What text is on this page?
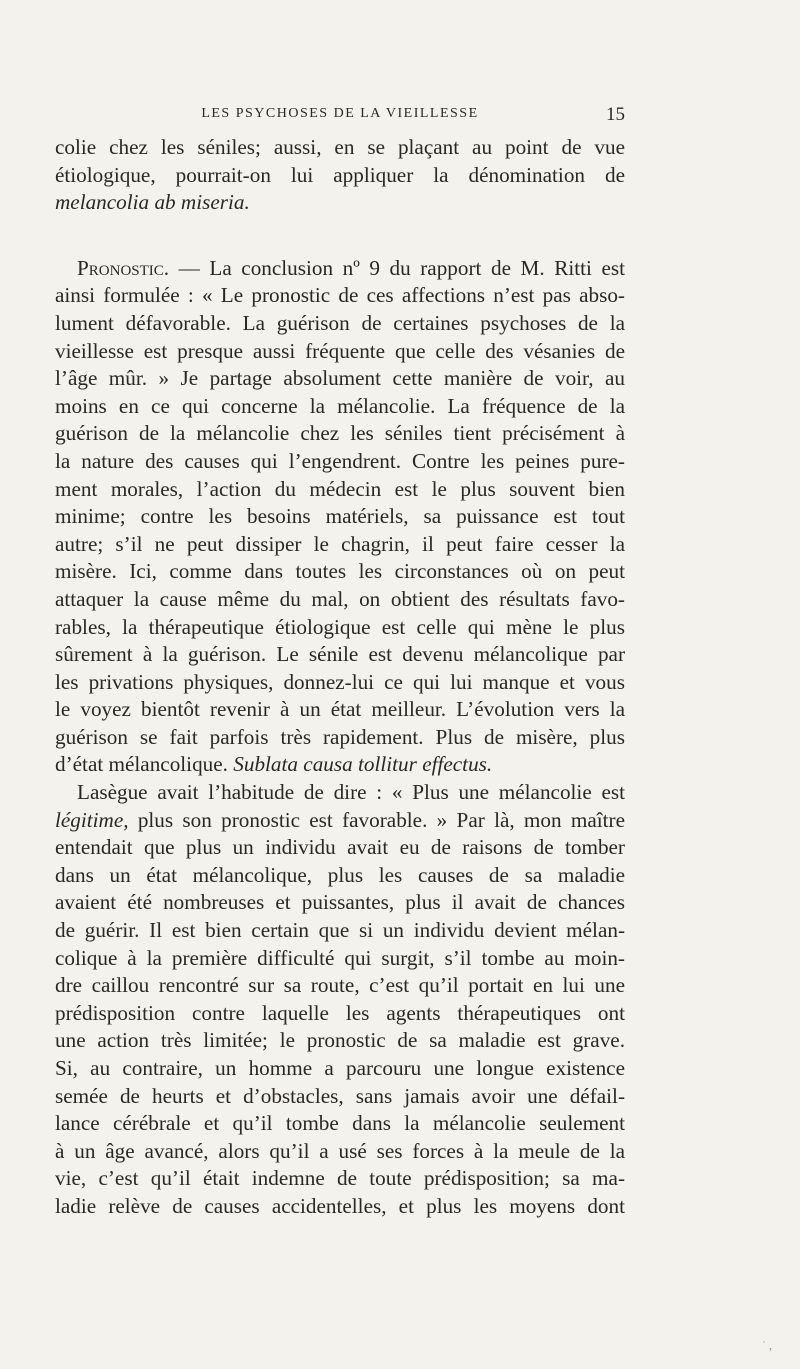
LES PSYCHOSES DE LA VIEILLESSE	15
colie chez les séniles; aussi, en se plaçant au point de vue
étiologique, pourrait-on lui appliquer la dénomination de
melancolia ab miseria.
Pronostic. — La conclusion nº 9 du rapport de M. Ritti est
ainsi formulée : « Le pronostic de ces affections n’est pas abso-
lument défavorable. La guérison de certaines psychoses de la
vieillesse est presque aussi fréquente que celle des vésanies de
l’âge mûr. » Je partage absolument cette manière de voir, au
moins en ce qui concerne la mélancolie. La fréquence de la
guérison de la mélancolie chez les séniles tient précisément à
la nature des causes qui l’engendrent. Contre les peines pure-
ment morales, l’action du médecin est le plus souvent bien
minime; contre les besoins matériels, sa puissance est tout
autre; s’il ne peut dissiper le chagrin, il peut faire cesser la
misère. Ici, comme dans toutes les circonstances où on peut
attaquer la cause même du mal, on obtient des résultats favo-
rables, la thérapeutique étiologique est celle qui mène le plus
sûrement à la guérison. Le sénile est devenu mélancolique par
les privations physiques, donnez-lui ce qui lui manque et vous
le voyez bientôt revenir à un état meilleur. L’évolution vers la
guérison se fait parfois très rapidement. Plus de misère, plus
d’état mélancolique. Sublata causa tollitur effectus.
Lasègue avait l’habitude de dire : « Plus une mélancolie est
légitime, plus son pronostic est favorable. » Par là, mon maître
entendait que plus un individu avait eu de raisons de tomber
dans un état mélancolique, plus les causes de sa maladie
avaient été nombreuses et puissantes, plus il avait de chances
de guérir. Il est bien certain que si un individu devient mélan-
colique à la première difficulté qui surgit, s’il tombe au moin-
dre caillou rencontré sur sa route, c’est qu’il portait en lui une
prédisposition contre laquelle les agents thérapeutiques ont
une action très limitée; le pronostic de sa maladie est grave.
Si, au contraire, un homme a parcouru une longue existence
semée de heurts et d’obstacles, sans jamais avoir une défail-
lance cérébrale et qu’il tombe dans la mélancolie seulement
à un âge avancé, alors qu’il a usé ses forces à la meule de la
vie, c’est qu’il était indemne de toute prédisposition; sa ma-
ladie relève de causes accidentelles, et plus les moyens dont
˙ ,
